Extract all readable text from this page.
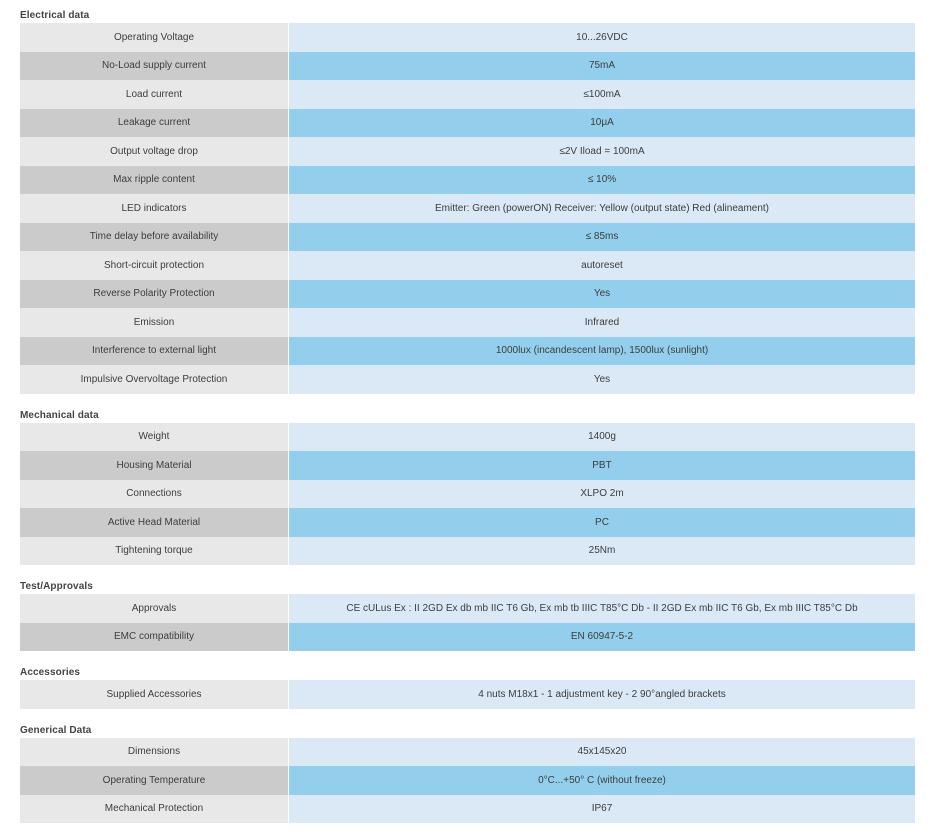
Electrical data
Operating Voltage	10...26VDC
No-Load supply current	75mA
Load current	≤100mA
Leakage current	10μA
Output voltage drop	≤2V Iload = 100mA
Max ripple content	≤ 10%
LED indicators	Emitter: Green (powerON) Receiver: Yellow (output state) Red (alineament)
Time delay before availability	≤ 85ms
Short-circuit protection	autoreset
Reverse Polarity Protection	Yes
Emission	Infrared
Interference to external light	1000lux (incandescent lamp), 1500lux (sunlight)
Impulsive Overvoltage Protection	Yes
Mechanical data
Weight	1400g
Housing Material	PBT
Connections	XLPO 2m
Active Head Material	PC
Tightening torque	25Nm
Test/Approvals
Approvals	CE cULus Ex : II 2GD Ex db mb IIC T6 Gb, Ex mb tb IIIC T85°C Db - II 2GD Ex mb IIC T6 Gb, Ex mb IIIC T85°C Db
EMC compatibility	EN 60947-5-2
Accessories
Supplied Accessories	4 nuts M18x1 - 1 adjustment key - 2 90°angled brackets
Generical Data
Dimensions	45x145x20
Operating Temperature	0°C...+50° C (without freeze)
Mechanical Protection	IP67
